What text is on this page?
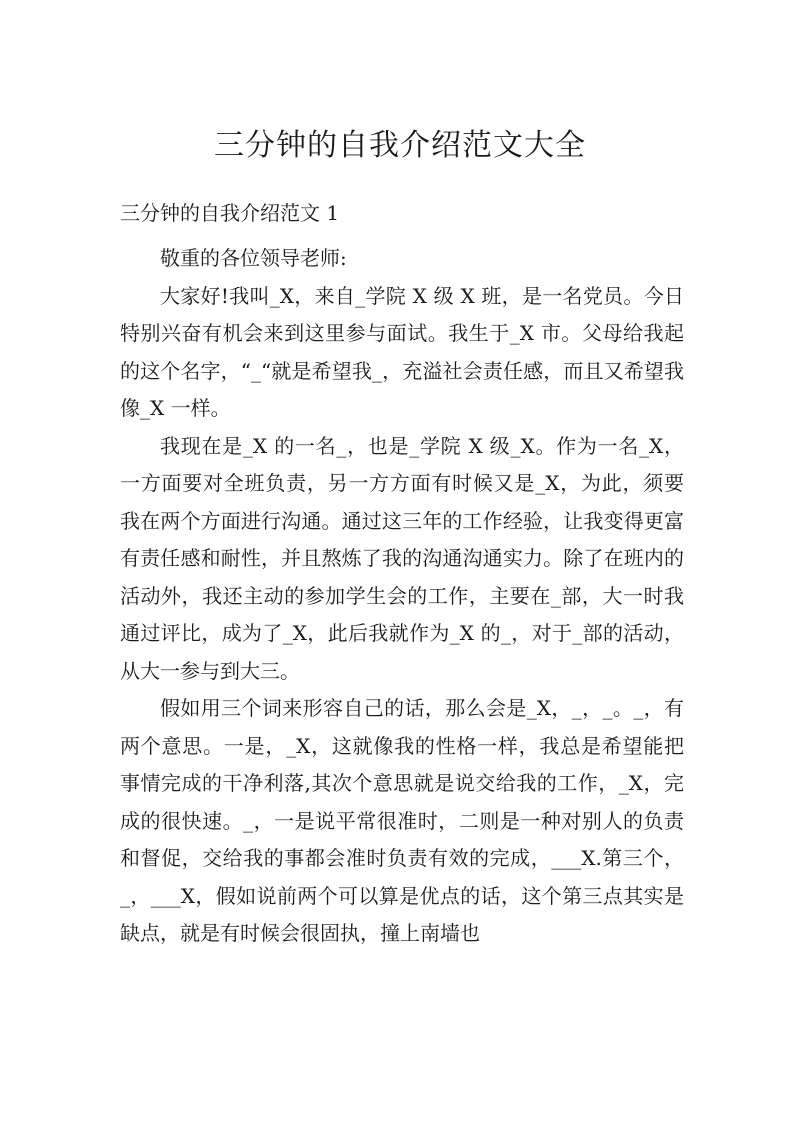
三分钟的自我介绍范文大全

三分钟的自我介绍范文 1

敬重的各位领导老师:

大家好!我叫_X，来自_学院 X 级 X 班，是一名党员。今日特别兴奋有机会来到这里参与面试。我生于_X 市。父母给我起的这个名字，“_“就是希望我_，充溢社会责任感，而且又希望我像_X 一样。

我现在是_X 的一名_，也是_学院 X 级_X。作为一名_X，一方面要对全班负责，另一方方面有时候又是_X，为此，须要我在两个方面进行沟通。通过这三年的工作经验，让我变得更富有责任感和耐性，并且熬炼了我的沟通沟通实力。除了在班内的活动外，我还主动的参加学生会的工作，主要在_部，大一时我通过评比，成为了_X，此后我就作为_X 的_，对于_部的活动，从大一参与到大三。

假如用三个词来形容自己的话，那么会是_X，_，_。_，有两个意思。一是，_X，这就像我的性格一样，我总是希望能把事情完成的干净利落,其次个意思就是说交给我的工作，_X，完成的很快速。_，一是说平常很准时，二则是一种对别人的负责和督促，交给我的事都会准时负责有效的完成，___X.第三个，_，___X，假如说前两个可以算是优点的话，这个第三点其实是缺点，就是有时候会很固执，撞上南墙也
